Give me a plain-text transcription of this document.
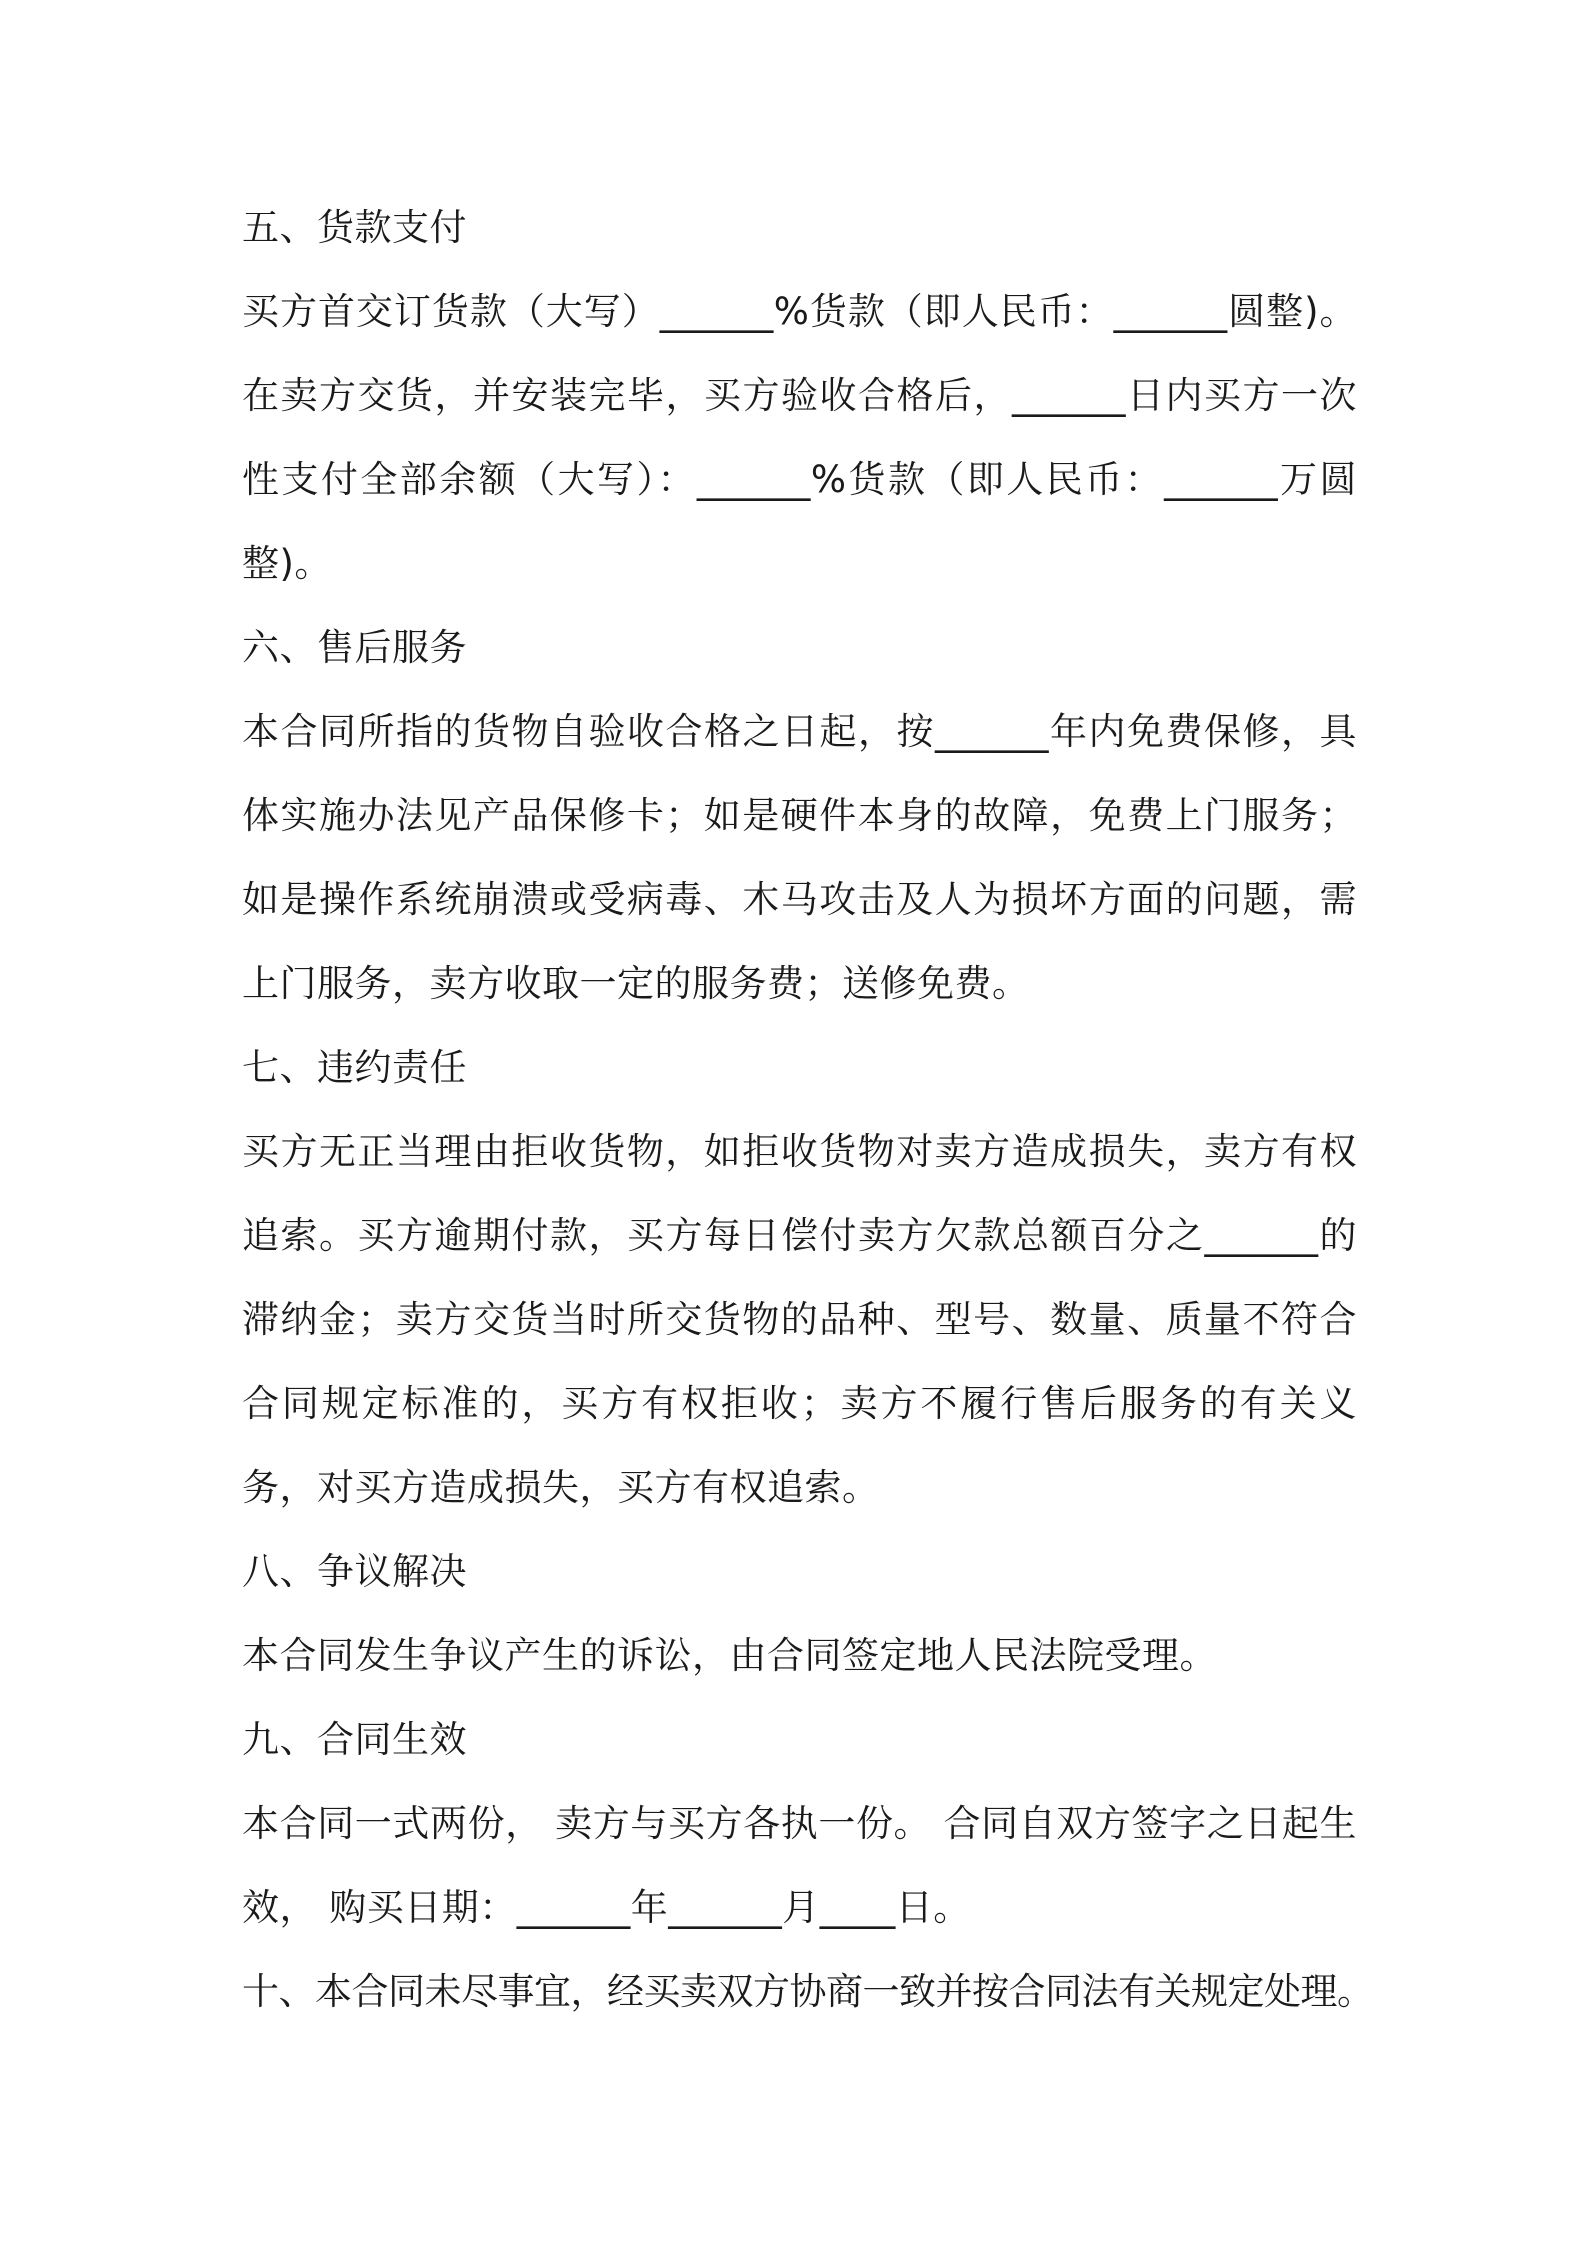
五、货款支付

买方首交订货款（大写）______%货款（即人民币：______圆整)。在卖方交货，并安装完毕，买方验收合格后，______日内买方一次性支付全部余额（大写）：______%货款（即人民币：______万圆整)。

六、售后服务

本合同所指的货物自验收合格之日起，按______年内免费保修，具体实施办法见产品保修卡；如是硬件本身的故障，免费上门服务；如是操作系统崩溃或受病毒、木马攻击及人为损坏方面的问题，需上门服务，卖方收取一定的服务费；送修免费。

七、违约责任

买方无正当理由拒收货物，如拒收货物对卖方造成损失，卖方有权追索。买方逾期付款，买方每日偿付卖方欠款总额百分之______的滞纳金；卖方交货当时所交货物的品种、型号、数量、质量不符合合同规定标准的，买方有权拒收；卖方不履行售后服务的有关义务，对买方造成损失，买方有权追索。

八、争议解决

本合同发生争议产生的诉讼，由合同签定地人民法院受理。

九、合同生效

本合同一式两份， 卖方与买方各执一份。 合同自双方签字之日起生效， 购买日期：______年______月____日。

十、本合同未尽事宜，经买卖双方协商一致并按合同法有关规定处理。
